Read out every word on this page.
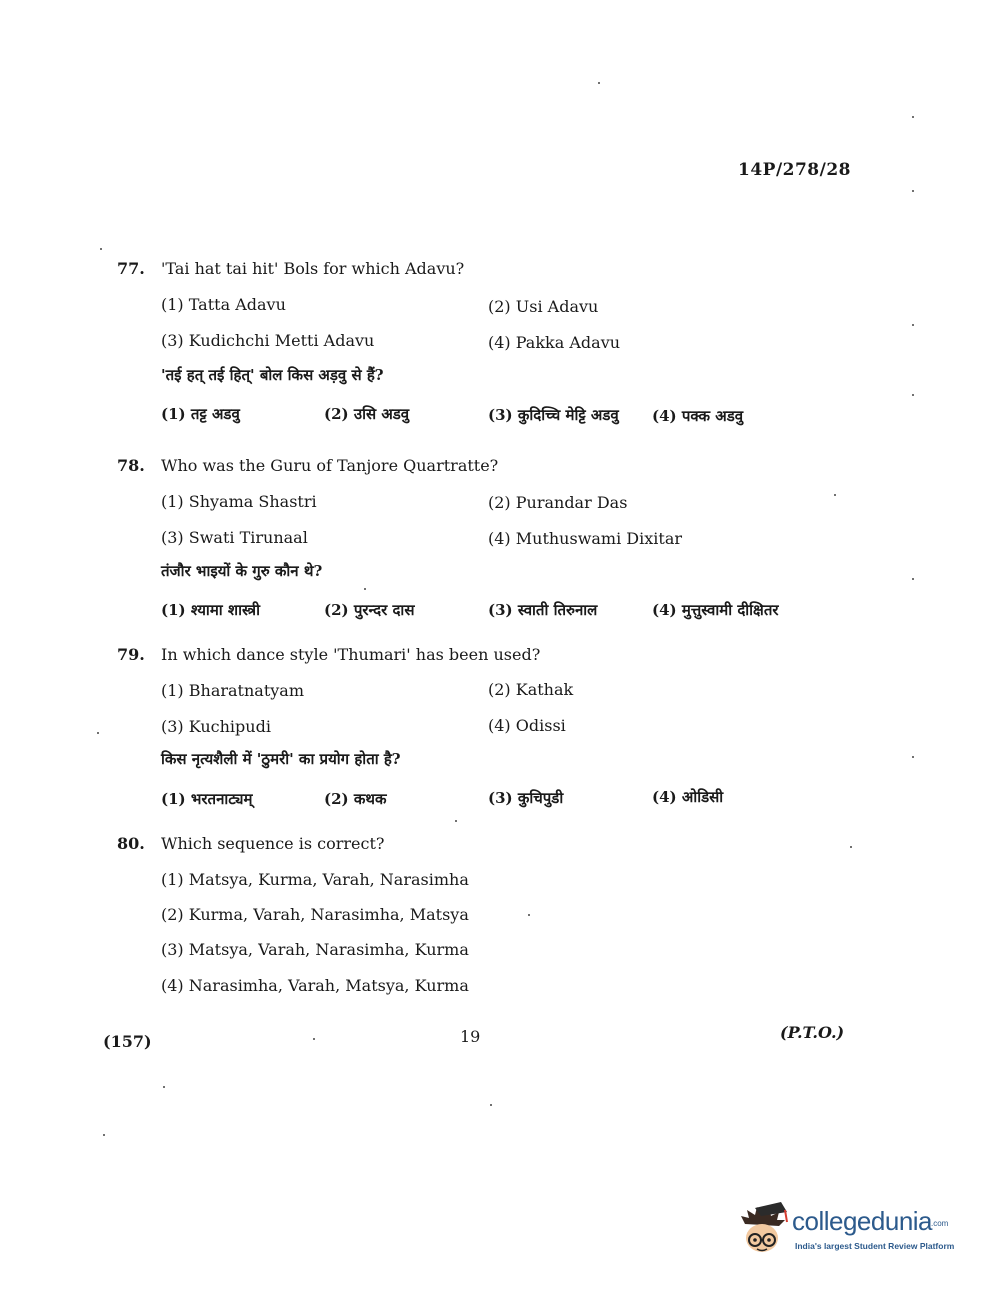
14P/278/28
77. 'Tai hat tai hit' Bols for which Adavu?
(1) Tatta Adavu	(2) Usi Adavu
(3) Kudichchi Metti Adavu	(4) Pakka Adavu
'तई हत् तई हित्' बोल किस अड़वु से हैं?
(1) तट्ट अडवु	(2) उसि अडवु	(3) कुदिच्चि मेट्टि अडवु (4) पक्क अडवु
78. Who was the Guru of Tanjore Quartratte?
(1) Shyama Shastri	(2) Purandar Das
(3) Swati Tirunaal	(4) Muthuswami Dixitar
तंजौर भाइयों के गुरु कौन थे?
(1) श्यामा शास्त्री	(2) पुरन्दर दास	(3) स्वाती तिरुनाल	(4) मुत्तुस्वामी दीक्षितर
79. In which dance style 'Thumari' has been used?
(1) Bharatnatyam	(2) Kathak
(3) Kuchipudi	(4) Odissi
किस नृत्यशैली में 'ठुमरी' का प्रयोग होता है?
(1) भरतनाट्यम्	(2) कथक	(3) कुचिपुडी	(4) ओडिसी
80. Which sequence is correct?
(1) Matsya, Kurma, Varah, Narasimha
(2) Kurma, Varah, Narasimha, Matsya
(3) Matsya, Varah, Narasimha, Kurma
(4) Narasimha, Varah, Matsya, Kurma
(157)	19	(P.T.O.)
collegedunia
.com
India's largest Student Review Platform
